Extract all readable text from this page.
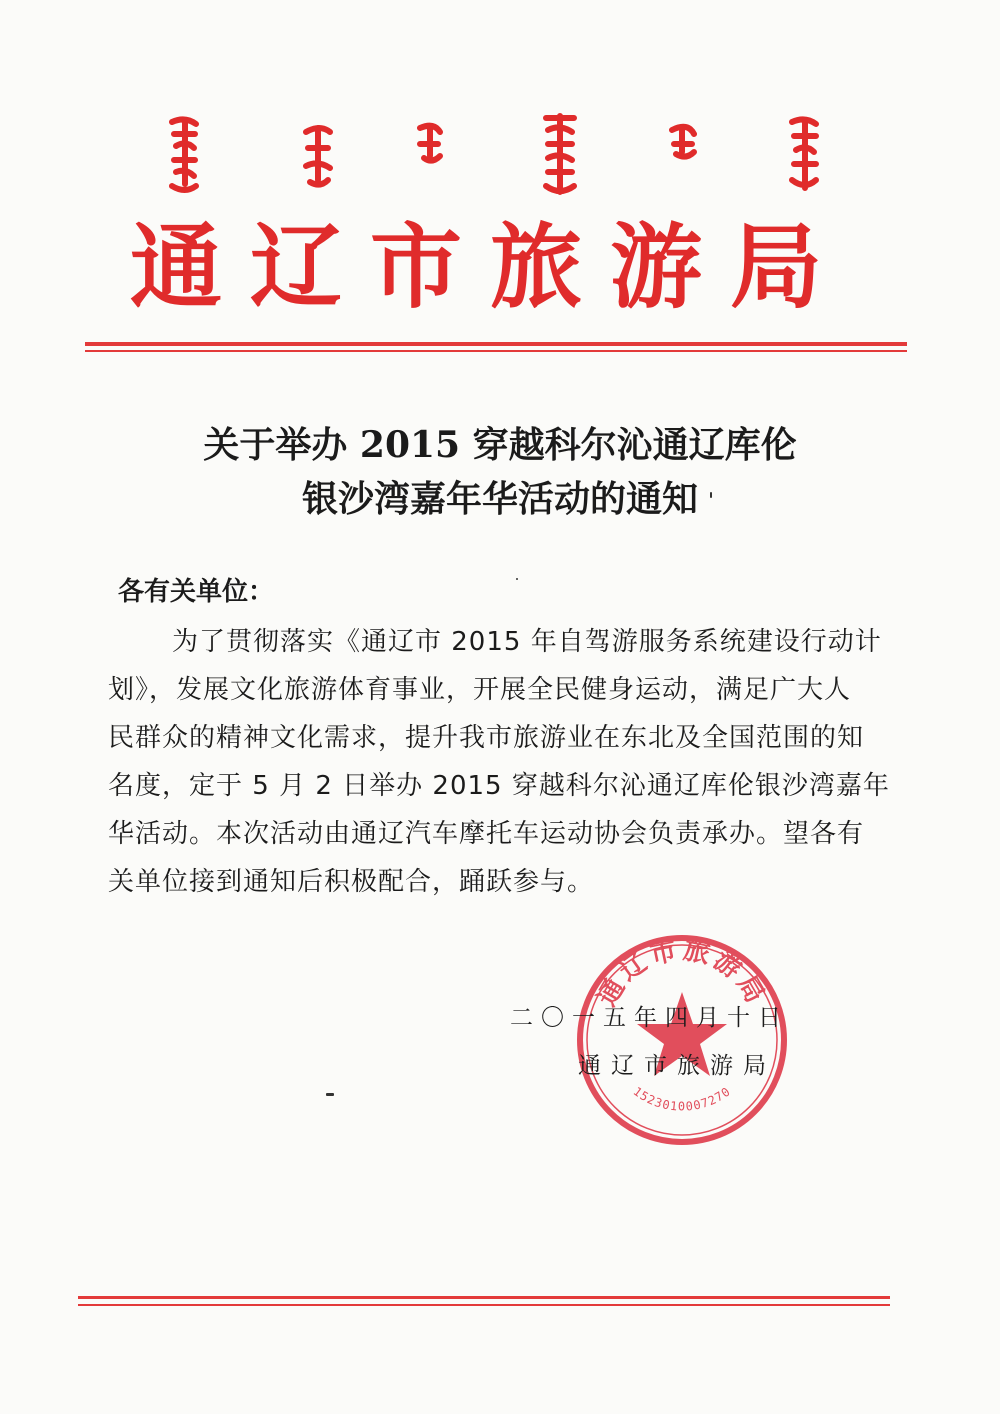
通辽市旅游局
关于举办 2015 穿越科尔沁通辽库伦
银沙湾嘉年华活动的通知
各有关单位：
为了贯彻落实《通辽市 2015 年自驾游服务系统建设行动计
划》，发展文化旅游体育事业，开展全民健身运动，满足广大人
民群众的精神文化需求，提升我市旅游业在东北及全国范围的知
名度，定于 5 月 2 日举办 2015 穿越科尔沁通辽库伦银沙湾嘉年
华活动。本次活动由通辽汽车摩托车运动协会负责承办。望各有
关单位接到通知后积极配合，踊跃参与。
通辽市旅游局
1523010007270
二〇一五年四月十日
通辽市旅游局
